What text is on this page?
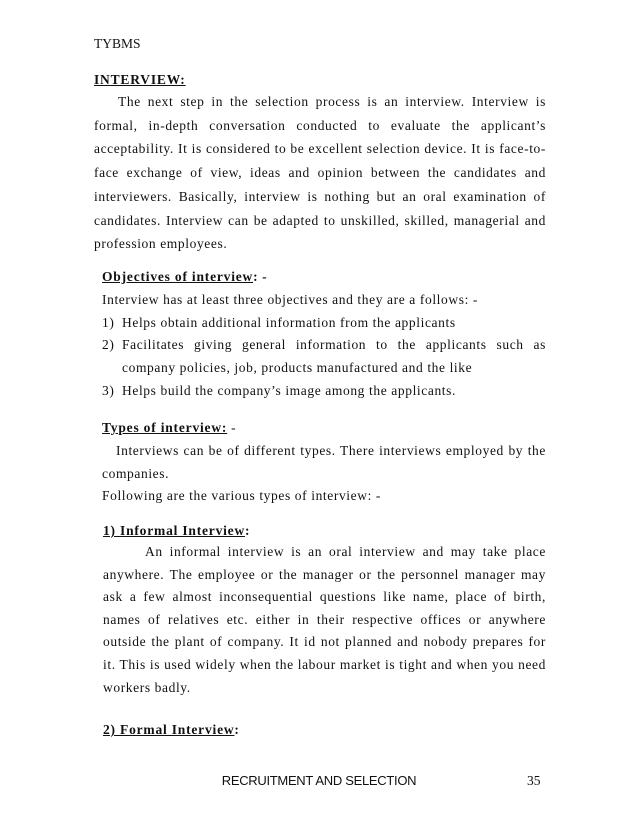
TYBMS
INTERVIEW:

The next step in the selection process is an interview. Interview is formal, in-depth conversation conducted to evaluate the applicant’s acceptability. It is considered to be excellent selection device. It is face-to-face exchange of view, ideas and opinion between the candidates and interviewers. Basically, interview is nothing but an oral examination of candidates. Interview can be adapted to unskilled, skilled, managerial and profession employees.

Objectives of interview: -

Interview has at least three objectives and they are a follows: -

1) Helps obtain additional information from the applicants
2) Facilitates giving general information to the applicants such as company policies, job, products manufactured and the like
3) Helps build the company’s image among the applicants.

Types of interview: -

Interviews can be of different types. There interviews employed by the companies.

Following are the various types of interview: -

1) Informal Interview:

An informal interview is an oral interview and may take place anywhere. The employee or the manager or the personnel manager may ask a few almost inconsequential questions like name, place of birth, names of relatives etc. either in their respective offices or anywhere outside the plant of company. It id not planned and nobody prepares for it. This is used widely when the labour market is tight and when you need workers badly.

2) Formal Interview:
RECRUITMENT AND SELECTION	35
